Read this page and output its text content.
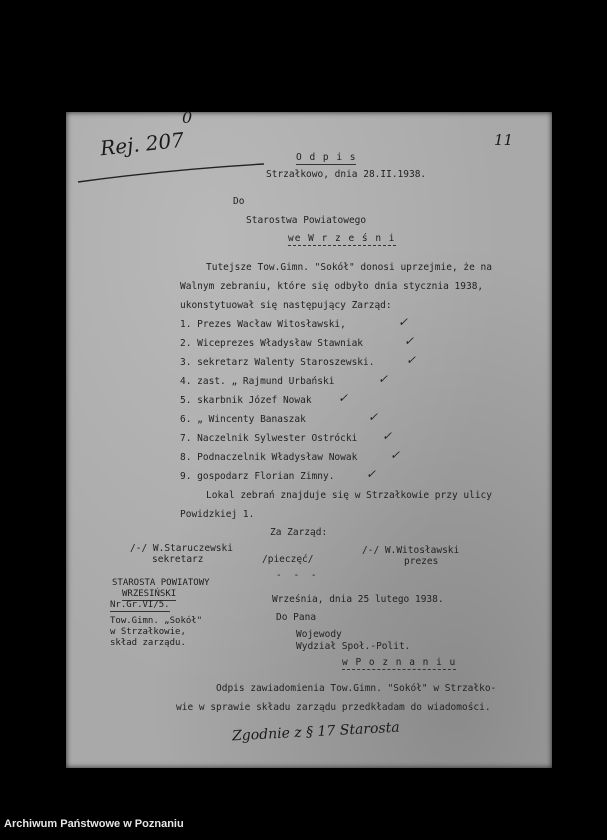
Rej. 207
0
11
O d p i s
Strzałkowo, dnia 28.II.1938.
Do
Starostwa Powiatowego
we W r z e ś n i
Tutejsze Tow.Gimn. "Sokół" donosi uprzejmie, że na
Walnym zebraniu, które się odbyło dnia stycznia 1938,
ukonstytuował się następujący Zarząd:
1. Prezes Wacław Witosławski,
2. Wiceprezes Władysław Stawniak
3. sekretarz Walenty Staroszewski.
4. zast. „ Rajmund Urbański
5. skarbnik Józef Nowak
6. „ Wincenty Banaszak
7. Naczelnik Sylwester Ostrócki
8. Podnaczelnik Władysław Nowak
9. gospodarz Florian Zimny.
✓
✓
✓
✓
✓
✓
✓
✓
✓
Lokal zebrań znajduje się w Strzałkowie przy ulicy
Powidzkiej 1.
Za Zarząd:
/-/ W.Staruczewski
sekretarz	/pieczęć/
/-/ W.Witosławski
prezes
- - -
STAROSTA POWIATOWY
WRZESIŃSKI
Nr.Gr.VI/5.
Tow.Gimn. „Sokół"
w Strzałkowie,
skład zarządu.
Września, dnia 25 lutego 1938.
Do Pana
Wojewody
Wydział Społ.-Polit.
w P o z n a n i u
Odpis zawiadomienia Tow.Gimn. "Sokół" w Strzałko-
wie w sprawie składu zarządu przedkładam do wiadomości.
Zgodnie z § 17 Starosta
Archiwum Państwowe w Poznaniu
